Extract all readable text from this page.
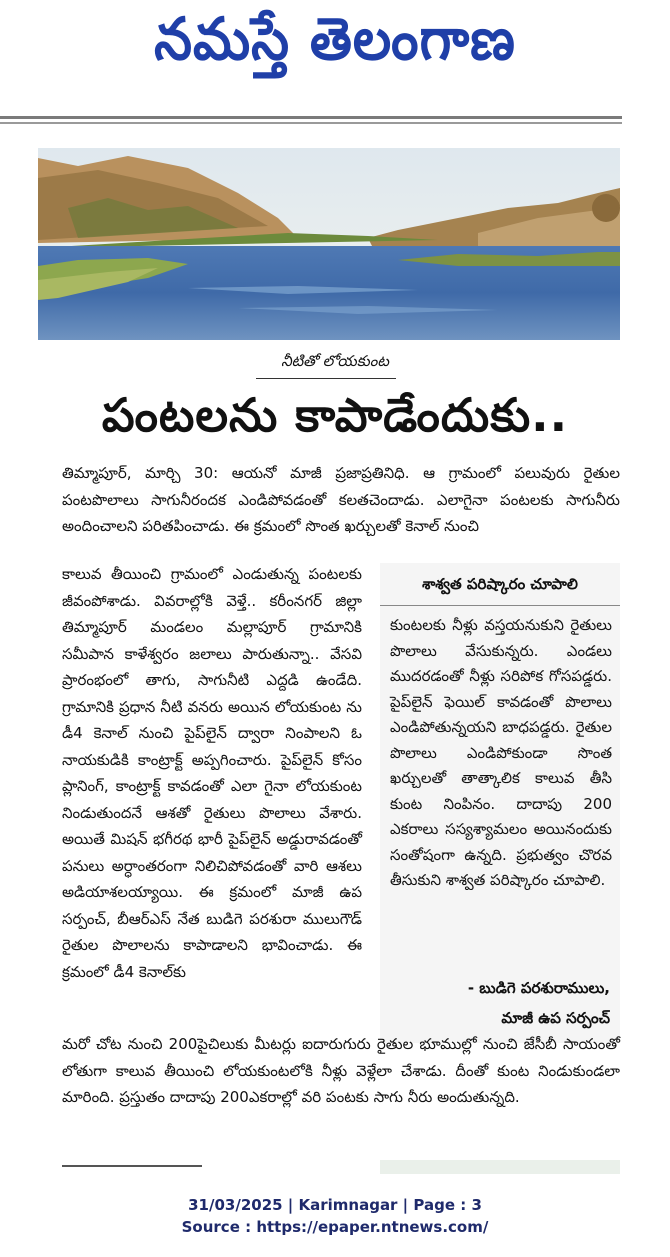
నమస్తే తెలంగాణ
నీటితో లోయకుంట
పంటలను కాపాడేందుకు..
తిమ్మాపూర్, మార్చి 30: ఆయనో మాజీ ప్రజాప్రతినిధి. ఆ గ్రామంలో పలువురు రైతుల పంటపొలాలు సాగునీరందక ఎండిపోవడంతో కలతచెందాడు. ఎలాగైనా పంటలకు సాగునీరు అందించాలని పరితపించాడు. ఈ క్రమంలో సొంత ఖర్చులతో కెనాల్ నుంచి
కాలువ తీయించి గ్రామంలో ఎండుతున్న పంటలకు జీవంపోశాడు. వివరాల్లోకి వెళ్తే.. కరీంనగర్ జిల్లా తిమ్మాపూర్ మండలం మల్లాపూర్ గ్రామానికి సమీపాన కాళేశ్వరం జలాలు పారుతున్నా.. వేసవి ప్రారంభంలో తాగు, సాగునీటి ఎద్దడి ఉండేది. గ్రామానికి ప్రధాన నీటి వనరు అయిన లోయకుంట ను డీ4 కెనాల్ నుంచి పైప్‌లైన్ ద్వారా నింపాలని ఓ నాయకుడికి కాంట్రాక్ట్ అప్పగించారు. పైప్‌లైన్ కోసం ప్లానింగ్, కాంట్రాక్ట్ కావడంతో ఎలా గైనా లోయకుంట నిండుతుందనే ఆశతో రైతులు పొలాలు వేశారు. అయితే మిషన్ భగీరథ భారీ పైప్‌లైన్ అడ్డురావడంతో పనులు అర్ధాంతరంగా నిలిచిపోవడంతో వారి ఆశలు అడియాశలయ్యాయి. ఈ క్రమంలో మాజీ ఉప సర్పంచ్, బీఆర్‌ఎస్ నేత బుడిగె పరశురా ములుగౌడ్ రైతుల పొలాలను కాపాడాలని భావించాడు. ఈ క్రమంలో డీ4 కెనాల్‌కు
శాశ్వత పరిష్కారం చూపాలి
కుంటలకు నీళ్లు వస్తయనుకుని రైతులు పొలాలు వేసుకున్నరు. ఎండలు ముదరడంతో నీళ్లు సరిపోక గోసపడ్డరు. పైప్‌లైన్ ఫెయిల్ కావడంతో పొలాలు ఎండిపోతున్నయని బాధపడ్డరు. రైతుల పొలాలు ఎండిపోకుండా సొంత ఖర్చులతో తాత్కాలిక కాలువ తీసి కుంట నింపినం. దాదాపు 200 ఎకరాలు సస్యశ్యామలం అయినందుకు సంతోషంగా ఉన్నది. ప్రభుత్వం చొరవ తీసుకుని శాశ్వత పరిష్కారం చూపాలి.
- బుడిగె పరశురాములు,
మాజీ ఉప సర్పంచ్
మరో చోట నుంచి 200పైచిలుకు మీటర్లు ఐదారుగురు రైతుల భూముల్లో నుంచి జేసీబీ సాయంతో లోతుగా కాలువ తీయించి లోయకుంటలోకి నీళ్లు వెళ్లేలా చేశాడు. దీంతో కుంట నిండుకుండలా మారింది. ప్రస్తుతం దాదాపు 200ఎకరాల్లో వరి పంటకు సాగు నీరు అందుతున్నది.
31/03/2025 | Karimnagar | Page : 3
Source : https://epaper.ntnews.com/
